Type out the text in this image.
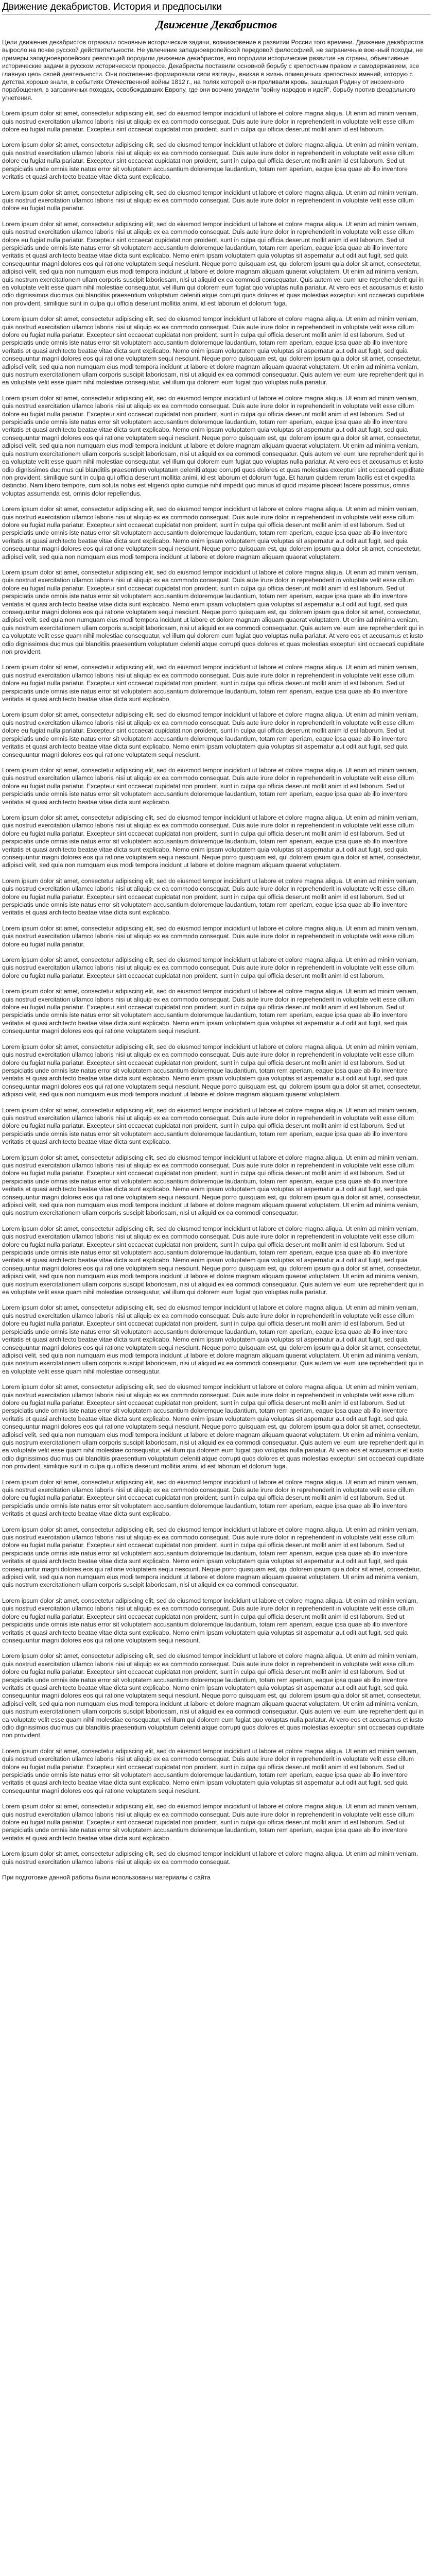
Движение декабристов. История и предпосылки
Движение Декабристов

Цели движения декабристов отражали основные исторические задачи, возникновение в развитии России того времени. Движение декабристов выросло на почве русской действительности. Не увлечение западноевропейской передовой философией, не заграничные военный походы, не примеры западноевропейских революций породили движение декабристов, его породили исторические развития на страны, объективные исторические задачи в русском историческом процессе. Декабристы поставили основной борьбу с крепостным правом и самодержавием, все главную цель своей деятельности. Они постепенно формировали свои взгляды, вникая в жизнь помещичьих крепостных имений, которую с детства хорошо знали, в событиях Отечественной войны 1812 г., на полях которой они проливали кровь, защищая Родину от иноземного порабощения, в заграничных походах, освобождавших Европу, где они воочию увидели "войну народов и идей", борьбу против феодального угнетения.

Lorem ipsum dolor sit amet, consectetur adipiscing elit, sed do eiusmod tempor incididunt ut labore et dolore magna aliqua. Ut enim ad minim veniam, quis nostrud exercitation ullamco laboris nisi ut aliquip ex ea commodo consequat. Duis aute irure dolor in reprehenderit in voluptate velit esse cillum dolore eu fugiat nulla pariatur. Excepteur sint occaecat cupidatat non proident, sunt in culpa qui officia deserunt mollit anim id est laborum.

Lorem ipsum dolor sit amet, consectetur adipiscing elit, sed do eiusmod tempor incididunt ut labore et dolore magna aliqua. Ut enim ad minim veniam, quis nostrud exercitation ullamco laboris nisi ut aliquip ex ea commodo consequat. Duis aute irure dolor in reprehenderit in voluptate velit esse cillum dolore eu fugiat nulla pariatur. Excepteur sint occaecat cupidatat non proident, sunt in culpa qui officia deserunt mollit anim id est laborum. Sed ut perspiciatis unde omnis iste natus error sit voluptatem accusantium doloremque laudantium, totam rem aperiam, eaque ipsa quae ab illo inventore veritatis et quasi architecto beatae vitae dicta sunt explicabo.

Lorem ipsum dolor sit amet, consectetur adipiscing elit, sed do eiusmod tempor incididunt ut labore et dolore magna aliqua. Ut enim ad minim veniam, quis nostrud exercitation ullamco laboris nisi ut aliquip ex ea commodo consequat. Duis aute irure dolor in reprehenderit in voluptate velit esse cillum dolore eu fugiat nulla pariatur.

Lorem ipsum dolor sit amet, consectetur adipiscing elit, sed do eiusmod tempor incididunt ut labore et dolore magna aliqua. Ut enim ad minim veniam, quis nostrud exercitation ullamco laboris nisi ut aliquip ex ea commodo consequat. Duis aute irure dolor in reprehenderit in voluptate velit esse cillum dolore eu fugiat nulla pariatur. Excepteur sint occaecat cupidatat non proident, sunt in culpa qui officia deserunt mollit anim id est laborum. Sed ut perspiciatis unde omnis iste natus error sit voluptatem accusantium doloremque laudantium, totam rem aperiam, eaque ipsa quae ab illo inventore veritatis et quasi architecto beatae vitae dicta sunt explicabo. Nemo enim ipsam voluptatem quia voluptas sit aspernatur aut odit aut fugit, sed quia consequuntur magni dolores eos qui ratione voluptatem sequi nesciunt. Neque porro quisquam est, qui dolorem ipsum quia dolor sit amet, consectetur, adipisci velit, sed quia non numquam eius modi tempora incidunt ut labore et dolore magnam aliquam quaerat voluptatem. Ut enim ad minima veniam, quis nostrum exercitationem ullam corporis suscipit laboriosam, nisi ut aliquid ex ea commodi consequatur. Quis autem vel eum iure reprehenderit qui in ea voluptate velit esse quam nihil molestiae consequatur, vel illum qui dolorem eum fugiat quo voluptas nulla pariatur. At vero eos et accusamus et iusto odio dignissimos ducimus qui blanditiis praesentium voluptatum deleniti atque corrupti quos dolores et quas molestias excepturi sint occaecati cupiditate non provident, similique sunt in culpa qui officia deserunt mollitia animi, id est laborum et dolorum fuga.

Lorem ipsum dolor sit amet, consectetur adipiscing elit, sed do eiusmod tempor incididunt ut labore et dolore magna aliqua. Ut enim ad minim veniam, quis nostrud exercitation ullamco laboris nisi ut aliquip ex ea commodo consequat. Duis aute irure dolor in reprehenderit in voluptate velit esse cillum dolore eu fugiat nulla pariatur. Excepteur sint occaecat cupidatat non proident, sunt in culpa qui officia deserunt mollit anim id est laborum. Sed ut perspiciatis unde omnis iste natus error sit voluptatem accusantium doloremque laudantium, totam rem aperiam, eaque ipsa quae ab illo inventore veritatis et quasi architecto beatae vitae dicta sunt explicabo. Nemo enim ipsam voluptatem quia voluptas sit aspernatur aut odit aut fugit, sed quia consequuntur magni dolores eos qui ratione voluptatem sequi nesciunt. Neque porro quisquam est, qui dolorem ipsum quia dolor sit amet, consectetur, adipisci velit, sed quia non numquam eius modi tempora incidunt ut labore et dolore magnam aliquam quaerat voluptatem. Ut enim ad minima veniam, quis nostrum exercitationem ullam corporis suscipit laboriosam, nisi ut aliquid ex ea commodi consequatur. Quis autem vel eum iure reprehenderit qui in ea voluptate velit esse quam nihil molestiae consequatur, vel illum qui dolorem eum fugiat quo voluptas nulla pariatur.

Lorem ipsum dolor sit amet, consectetur adipiscing elit, sed do eiusmod tempor incididunt ut labore et dolore magna aliqua. Ut enim ad minim veniam, quis nostrud exercitation ullamco laboris nisi ut aliquip ex ea commodo consequat. Duis aute irure dolor in reprehenderit in voluptate velit esse cillum dolore eu fugiat nulla pariatur. Excepteur sint occaecat cupidatat non proident, sunt in culpa qui officia deserunt mollit anim id est laborum. Sed ut perspiciatis unde omnis iste natus error sit voluptatem accusantium doloremque laudantium, totam rem aperiam, eaque ipsa quae ab illo inventore veritatis et quasi architecto beatae vitae dicta sunt explicabo. Nemo enim ipsam voluptatem quia voluptas sit aspernatur aut odit aut fugit, sed quia consequuntur magni dolores eos qui ratione voluptatem sequi nesciunt. Neque porro quisquam est, qui dolorem ipsum quia dolor sit amet, consectetur, adipisci velit, sed quia non numquam eius modi tempora incidunt ut labore et dolore magnam aliquam quaerat voluptatem. Ut enim ad minima veniam, quis nostrum exercitationem ullam corporis suscipit laboriosam, nisi ut aliquid ex ea commodi consequatur. Quis autem vel eum iure reprehenderit qui in ea voluptate velit esse quam nihil molestiae consequatur, vel illum qui dolorem eum fugiat quo voluptas nulla pariatur. At vero eos et accusamus et iusto odio dignissimos ducimus qui blanditiis praesentium voluptatum deleniti atque corrupti quos dolores et quas molestias excepturi sint occaecati cupiditate non provident, similique sunt in culpa qui officia deserunt mollitia animi, id est laborum et dolorum fuga. Et harum quidem rerum facilis est et expedita distinctio. Nam libero tempore, cum soluta nobis est eligendi optio cumque nihil impedit quo minus id quod maxime placeat facere possimus, omnis voluptas assumenda est, omnis dolor repellendus.

Lorem ipsum dolor sit amet, consectetur adipiscing elit, sed do eiusmod tempor incididunt ut labore et dolore magna aliqua. Ut enim ad minim veniam, quis nostrud exercitation ullamco laboris nisi ut aliquip ex ea commodo consequat. Duis aute irure dolor in reprehenderit in voluptate velit esse cillum dolore eu fugiat nulla pariatur. Excepteur sint occaecat cupidatat non proident, sunt in culpa qui officia deserunt mollit anim id est laborum. Sed ut perspiciatis unde omnis iste natus error sit voluptatem accusantium doloremque laudantium, totam rem aperiam, eaque ipsa quae ab illo inventore veritatis et quasi architecto beatae vitae dicta sunt explicabo. Nemo enim ipsam voluptatem quia voluptas sit aspernatur aut odit aut fugit, sed quia consequuntur magni dolores eos qui ratione voluptatem sequi nesciunt. Neque porro quisquam est, qui dolorem ipsum quia dolor sit amet, consectetur, adipisci velit, sed quia non numquam eius modi tempora incidunt ut labore et dolore magnam aliquam quaerat voluptatem.

Lorem ipsum dolor sit amet, consectetur adipiscing elit, sed do eiusmod tempor incididunt ut labore et dolore magna aliqua. Ut enim ad minim veniam, quis nostrud exercitation ullamco laboris nisi ut aliquip ex ea commodo consequat. Duis aute irure dolor in reprehenderit in voluptate velit esse cillum dolore eu fugiat nulla pariatur. Excepteur sint occaecat cupidatat non proident, sunt in culpa qui officia deserunt mollit anim id est laborum. Sed ut perspiciatis unde omnis iste natus error sit voluptatem accusantium doloremque laudantium, totam rem aperiam, eaque ipsa quae ab illo inventore veritatis et quasi architecto beatae vitae dicta sunt explicabo. Nemo enim ipsam voluptatem quia voluptas sit aspernatur aut odit aut fugit, sed quia consequuntur magni dolores eos qui ratione voluptatem sequi nesciunt. Neque porro quisquam est, qui dolorem ipsum quia dolor sit amet, consectetur, adipisci velit, sed quia non numquam eius modi tempora incidunt ut labore et dolore magnam aliquam quaerat voluptatem. Ut enim ad minima veniam, quis nostrum exercitationem ullam corporis suscipit laboriosam, nisi ut aliquid ex ea commodi consequatur. Quis autem vel eum iure reprehenderit qui in ea voluptate velit esse quam nihil molestiae consequatur, vel illum qui dolorem eum fugiat quo voluptas nulla pariatur. At vero eos et accusamus et iusto odio dignissimos ducimus qui blanditiis praesentium voluptatum deleniti atque corrupti quos dolores et quas molestias excepturi sint occaecati cupiditate non provident.

Lorem ipsum dolor sit amet, consectetur adipiscing elit, sed do eiusmod tempor incididunt ut labore et dolore magna aliqua. Ut enim ad minim veniam, quis nostrud exercitation ullamco laboris nisi ut aliquip ex ea commodo consequat. Duis aute irure dolor in reprehenderit in voluptate velit esse cillum dolore eu fugiat nulla pariatur. Excepteur sint occaecat cupidatat non proident, sunt in culpa qui officia deserunt mollit anim id est laborum. Sed ut perspiciatis unde omnis iste natus error sit voluptatem accusantium doloremque laudantium, totam rem aperiam, eaque ipsa quae ab illo inventore veritatis et quasi architecto beatae vitae dicta sunt explicabo.

Lorem ipsum dolor sit amet, consectetur adipiscing elit, sed do eiusmod tempor incididunt ut labore et dolore magna aliqua. Ut enim ad minim veniam, quis nostrud exercitation ullamco laboris nisi ut aliquip ex ea commodo consequat. Duis aute irure dolor in reprehenderit in voluptate velit esse cillum dolore eu fugiat nulla pariatur. Excepteur sint occaecat cupidatat non proident, sunt in culpa qui officia deserunt mollit anim id est laborum. Sed ut perspiciatis unde omnis iste natus error sit voluptatem accusantium doloremque laudantium, totam rem aperiam, eaque ipsa quae ab illo inventore veritatis et quasi architecto beatae vitae dicta sunt explicabo. Nemo enim ipsam voluptatem quia voluptas sit aspernatur aut odit aut fugit, sed quia consequuntur magni dolores eos qui ratione voluptatem sequi nesciunt.

Lorem ipsum dolor sit amet, consectetur adipiscing elit, sed do eiusmod tempor incididunt ut labore et dolore magna aliqua. Ut enim ad minim veniam, quis nostrud exercitation ullamco laboris nisi ut aliquip ex ea commodo consequat. Duis aute irure dolor in reprehenderit in voluptate velit esse cillum dolore eu fugiat nulla pariatur. Excepteur sint occaecat cupidatat non proident, sunt in culpa qui officia deserunt mollit anim id est laborum. Sed ut perspiciatis unde omnis iste natus error sit voluptatem accusantium doloremque laudantium, totam rem aperiam, eaque ipsa quae ab illo inventore veritatis et quasi architecto beatae vitae dicta sunt explicabo.

Lorem ipsum dolor sit amet, consectetur adipiscing elit, sed do eiusmod tempor incididunt ut labore et dolore magna aliqua. Ut enim ad minim veniam, quis nostrud exercitation ullamco laboris nisi ut aliquip ex ea commodo consequat. Duis aute irure dolor in reprehenderit in voluptate velit esse cillum dolore eu fugiat nulla pariatur. Excepteur sint occaecat cupidatat non proident, sunt in culpa qui officia deserunt mollit anim id est laborum. Sed ut perspiciatis unde omnis iste natus error sit voluptatem accusantium doloremque laudantium, totam rem aperiam, eaque ipsa quae ab illo inventore veritatis et quasi architecto beatae vitae dicta sunt explicabo. Nemo enim ipsam voluptatem quia voluptas sit aspernatur aut odit aut fugit, sed quia consequuntur magni dolores eos qui ratione voluptatem sequi nesciunt. Neque porro quisquam est, qui dolorem ipsum quia dolor sit amet, consectetur, adipisci velit, sed quia non numquam eius modi tempora incidunt ut labore et dolore magnam aliquam quaerat voluptatem.

Lorem ipsum dolor sit amet, consectetur adipiscing elit, sed do eiusmod tempor incididunt ut labore et dolore magna aliqua. Ut enim ad minim veniam, quis nostrud exercitation ullamco laboris nisi ut aliquip ex ea commodo consequat. Duis aute irure dolor in reprehenderit in voluptate velit esse cillum dolore eu fugiat nulla pariatur. Excepteur sint occaecat cupidatat non proident, sunt in culpa qui officia deserunt mollit anim id est laborum. Sed ut perspiciatis unde omnis iste natus error sit voluptatem accusantium doloremque laudantium, totam rem aperiam, eaque ipsa quae ab illo inventore veritatis et quasi architecto beatae vitae dicta sunt explicabo.

Lorem ipsum dolor sit amet, consectetur adipiscing elit, sed do eiusmod tempor incididunt ut labore et dolore magna aliqua. Ut enim ad minim veniam, quis nostrud exercitation ullamco laboris nisi ut aliquip ex ea commodo consequat. Duis aute irure dolor in reprehenderit in voluptate velit esse cillum dolore eu fugiat nulla pariatur.

Lorem ipsum dolor sit amet, consectetur adipiscing elit, sed do eiusmod tempor incididunt ut labore et dolore magna aliqua. Ut enim ad minim veniam, quis nostrud exercitation ullamco laboris nisi ut aliquip ex ea commodo consequat. Duis aute irure dolor in reprehenderit in voluptate velit esse cillum dolore eu fugiat nulla pariatur. Excepteur sint occaecat cupidatat non proident, sunt in culpa qui officia deserunt mollit anim id est laborum.

Lorem ipsum dolor sit amet, consectetur adipiscing elit, sed do eiusmod tempor incididunt ut labore et dolore magna aliqua. Ut enim ad minim veniam, quis nostrud exercitation ullamco laboris nisi ut aliquip ex ea commodo consequat. Duis aute irure dolor in reprehenderit in voluptate velit esse cillum dolore eu fugiat nulla pariatur. Excepteur sint occaecat cupidatat non proident, sunt in culpa qui officia deserunt mollit anim id est laborum. Sed ut perspiciatis unde omnis iste natus error sit voluptatem accusantium doloremque laudantium, totam rem aperiam, eaque ipsa quae ab illo inventore veritatis et quasi architecto beatae vitae dicta sunt explicabo. Nemo enim ipsam voluptatem quia voluptas sit aspernatur aut odit aut fugit, sed quia consequuntur magni dolores eos qui ratione voluptatem sequi nesciunt.

Lorem ipsum dolor sit amet, consectetur adipiscing elit, sed do eiusmod tempor incididunt ut labore et dolore magna aliqua. Ut enim ad minim veniam, quis nostrud exercitation ullamco laboris nisi ut aliquip ex ea commodo consequat. Duis aute irure dolor in reprehenderit in voluptate velit esse cillum dolore eu fugiat nulla pariatur. Excepteur sint occaecat cupidatat non proident, sunt in culpa qui officia deserunt mollit anim id est laborum. Sed ut perspiciatis unde omnis iste natus error sit voluptatem accusantium doloremque laudantium, totam rem aperiam, eaque ipsa quae ab illo inventore veritatis et quasi architecto beatae vitae dicta sunt explicabo. Nemo enim ipsam voluptatem quia voluptas sit aspernatur aut odit aut fugit, sed quia consequuntur magni dolores eos qui ratione voluptatem sequi nesciunt. Neque porro quisquam est, qui dolorem ipsum quia dolor sit amet, consectetur, adipisci velit, sed quia non numquam eius modi tempora incidunt ut labore et dolore magnam aliquam quaerat voluptatem.

Lorem ipsum dolor sit amet, consectetur adipiscing elit, sed do eiusmod tempor incididunt ut labore et dolore magna aliqua. Ut enim ad minim veniam, quis nostrud exercitation ullamco laboris nisi ut aliquip ex ea commodo consequat. Duis aute irure dolor in reprehenderit in voluptate velit esse cillum dolore eu fugiat nulla pariatur. Excepteur sint occaecat cupidatat non proident, sunt in culpa qui officia deserunt mollit anim id est laborum. Sed ut perspiciatis unde omnis iste natus error sit voluptatem accusantium doloremque laudantium, totam rem aperiam, eaque ipsa quae ab illo inventore veritatis et quasi architecto beatae vitae dicta sunt explicabo.

Lorem ipsum dolor sit amet, consectetur adipiscing elit, sed do eiusmod tempor incididunt ut labore et dolore magna aliqua. Ut enim ad minim veniam, quis nostrud exercitation ullamco laboris nisi ut aliquip ex ea commodo consequat. Duis aute irure dolor in reprehenderit in voluptate velit esse cillum dolore eu fugiat nulla pariatur. Excepteur sint occaecat cupidatat non proident, sunt in culpa qui officia deserunt mollit anim id est laborum. Sed ut perspiciatis unde omnis iste natus error sit voluptatem accusantium doloremque laudantium, totam rem aperiam, eaque ipsa quae ab illo inventore veritatis et quasi architecto beatae vitae dicta sunt explicabo. Nemo enim ipsam voluptatem quia voluptas sit aspernatur aut odit aut fugit, sed quia consequuntur magni dolores eos qui ratione voluptatem sequi nesciunt. Neque porro quisquam est, qui dolorem ipsum quia dolor sit amet, consectetur, adipisci velit, sed quia non numquam eius modi tempora incidunt ut labore et dolore magnam aliquam quaerat voluptatem. Ut enim ad minima veniam, quis nostrum exercitationem ullam corporis suscipit laboriosam, nisi ut aliquid ex ea commodi consequatur.

Lorem ipsum dolor sit amet, consectetur adipiscing elit, sed do eiusmod tempor incididunt ut labore et dolore magna aliqua. Ut enim ad minim veniam, quis nostrud exercitation ullamco laboris nisi ut aliquip ex ea commodo consequat. Duis aute irure dolor in reprehenderit in voluptate velit esse cillum dolore eu fugiat nulla pariatur. Excepteur sint occaecat cupidatat non proident, sunt in culpa qui officia deserunt mollit anim id est laborum. Sed ut perspiciatis unde omnis iste natus error sit voluptatem accusantium doloremque laudantium, totam rem aperiam, eaque ipsa quae ab illo inventore veritatis et quasi architecto beatae vitae dicta sunt explicabo. Nemo enim ipsam voluptatem quia voluptas sit aspernatur aut odit aut fugit, sed quia consequuntur magni dolores eos qui ratione voluptatem sequi nesciunt. Neque porro quisquam est, qui dolorem ipsum quia dolor sit amet, consectetur, adipisci velit, sed quia non numquam eius modi tempora incidunt ut labore et dolore magnam aliquam quaerat voluptatem. Ut enim ad minima veniam, quis nostrum exercitationem ullam corporis suscipit laboriosam, nisi ut aliquid ex ea commodi consequatur. Quis autem vel eum iure reprehenderit qui in ea voluptate velit esse quam nihil molestiae consequatur, vel illum qui dolorem eum fugiat quo voluptas nulla pariatur.

Lorem ipsum dolor sit amet, consectetur adipiscing elit, sed do eiusmod tempor incididunt ut labore et dolore magna aliqua. Ut enim ad minim veniam, quis nostrud exercitation ullamco laboris nisi ut aliquip ex ea commodo consequat. Duis aute irure dolor in reprehenderit in voluptate velit esse cillum dolore eu fugiat nulla pariatur. Excepteur sint occaecat cupidatat non proident, sunt in culpa qui officia deserunt mollit anim id est laborum. Sed ut perspiciatis unde omnis iste natus error sit voluptatem accusantium doloremque laudantium, totam rem aperiam, eaque ipsa quae ab illo inventore veritatis et quasi architecto beatae vitae dicta sunt explicabo. Nemo enim ipsam voluptatem quia voluptas sit aspernatur aut odit aut fugit, sed quia consequuntur magni dolores eos qui ratione voluptatem sequi nesciunt. Neque porro quisquam est, qui dolorem ipsum quia dolor sit amet, consectetur, adipisci velit, sed quia non numquam eius modi tempora incidunt ut labore et dolore magnam aliquam quaerat voluptatem. Ut enim ad minima veniam, quis nostrum exercitationem ullam corporis suscipit laboriosam, nisi ut aliquid ex ea commodi consequatur. Quis autem vel eum iure reprehenderit qui in ea voluptate velit esse quam nihil molestiae consequatur.

Lorem ipsum dolor sit amet, consectetur adipiscing elit, sed do eiusmod tempor incididunt ut labore et dolore magna aliqua. Ut enim ad minim veniam, quis nostrud exercitation ullamco laboris nisi ut aliquip ex ea commodo consequat. Duis aute irure dolor in reprehenderit in voluptate velit esse cillum dolore eu fugiat nulla pariatur. Excepteur sint occaecat cupidatat non proident, sunt in culpa qui officia deserunt mollit anim id est laborum. Sed ut perspiciatis unde omnis iste natus error sit voluptatem accusantium doloremque laudantium, totam rem aperiam, eaque ipsa quae ab illo inventore veritatis et quasi architecto beatae vitae dicta sunt explicabo. Nemo enim ipsam voluptatem quia voluptas sit aspernatur aut odit aut fugit, sed quia consequuntur magni dolores eos qui ratione voluptatem sequi nesciunt. Neque porro quisquam est, qui dolorem ipsum quia dolor sit amet, consectetur, adipisci velit, sed quia non numquam eius modi tempora incidunt ut labore et dolore magnam aliquam quaerat voluptatem. Ut enim ad minima veniam, quis nostrum exercitationem ullam corporis suscipit laboriosam, nisi ut aliquid ex ea commodi consequatur. Quis autem vel eum iure reprehenderit qui in ea voluptate velit esse quam nihil molestiae consequatur, vel illum qui dolorem eum fugiat quo voluptas nulla pariatur. At vero eos et accusamus et iusto odio dignissimos ducimus qui blanditiis praesentium voluptatum deleniti atque corrupti quos dolores et quas molestias excepturi sint occaecati cupiditate non provident, similique sunt in culpa qui officia deserunt mollitia animi, id est laborum et dolorum fuga.

Lorem ipsum dolor sit amet, consectetur adipiscing elit, sed do eiusmod tempor incididunt ut labore et dolore magna aliqua. Ut enim ad minim veniam, quis nostrud exercitation ullamco laboris nisi ut aliquip ex ea commodo consequat. Duis aute irure dolor in reprehenderit in voluptate velit esse cillum dolore eu fugiat nulla pariatur. Excepteur sint occaecat cupidatat non proident, sunt in culpa qui officia deserunt mollit anim id est laborum. Sed ut perspiciatis unde omnis iste natus error sit voluptatem accusantium doloremque laudantium, totam rem aperiam, eaque ipsa quae ab illo inventore veritatis et quasi architecto beatae vitae dicta sunt explicabo.

Lorem ipsum dolor sit amet, consectetur adipiscing elit, sed do eiusmod tempor incididunt ut labore et dolore magna aliqua. Ut enim ad minim veniam, quis nostrud exercitation ullamco laboris nisi ut aliquip ex ea commodo consequat. Duis aute irure dolor in reprehenderit in voluptate velit esse cillum dolore eu fugiat nulla pariatur. Excepteur sint occaecat cupidatat non proident, sunt in culpa qui officia deserunt mollit anim id est laborum. Sed ut perspiciatis unde omnis iste natus error sit voluptatem accusantium doloremque laudantium, totam rem aperiam, eaque ipsa quae ab illo inventore veritatis et quasi architecto beatae vitae dicta sunt explicabo. Nemo enim ipsam voluptatem quia voluptas sit aspernatur aut odit aut fugit, sed quia consequuntur magni dolores eos qui ratione voluptatem sequi nesciunt. Neque porro quisquam est, qui dolorem ipsum quia dolor sit amet, consectetur, adipisci velit, sed quia non numquam eius modi tempora incidunt ut labore et dolore magnam aliquam quaerat voluptatem. Ut enim ad minima veniam, quis nostrum exercitationem ullam corporis suscipit laboriosam, nisi ut aliquid ex ea commodi consequatur.

Lorem ipsum dolor sit amet, consectetur adipiscing elit, sed do eiusmod tempor incididunt ut labore et dolore magna aliqua. Ut enim ad minim veniam, quis nostrud exercitation ullamco laboris nisi ut aliquip ex ea commodo consequat. Duis aute irure dolor in reprehenderit in voluptate velit esse cillum dolore eu fugiat nulla pariatur. Excepteur sint occaecat cupidatat non proident, sunt in culpa qui officia deserunt mollit anim id est laborum. Sed ut perspiciatis unde omnis iste natus error sit voluptatem accusantium doloremque laudantium, totam rem aperiam, eaque ipsa quae ab illo inventore veritatis et quasi architecto beatae vitae dicta sunt explicabo. Nemo enim ipsam voluptatem quia voluptas sit aspernatur aut odit aut fugit, sed quia consequuntur magni dolores eos qui ratione voluptatem sequi nesciunt.

Lorem ipsum dolor sit amet, consectetur adipiscing elit, sed do eiusmod tempor incididunt ut labore et dolore magna aliqua. Ut enim ad minim veniam, quis nostrud exercitation ullamco laboris nisi ut aliquip ex ea commodo consequat. Duis aute irure dolor in reprehenderit in voluptate velit esse cillum dolore eu fugiat nulla pariatur. Excepteur sint occaecat cupidatat non proident, sunt in culpa qui officia deserunt mollit anim id est laborum. Sed ut perspiciatis unde omnis iste natus error sit voluptatem accusantium doloremque laudantium, totam rem aperiam, eaque ipsa quae ab illo inventore veritatis et quasi architecto beatae vitae dicta sunt explicabo. Nemo enim ipsam voluptatem quia voluptas sit aspernatur aut odit aut fugit, sed quia consequuntur magni dolores eos qui ratione voluptatem sequi nesciunt. Neque porro quisquam est, qui dolorem ipsum quia dolor sit amet, consectetur, adipisci velit, sed quia non numquam eius modi tempora incidunt ut labore et dolore magnam aliquam quaerat voluptatem. Ut enim ad minima veniam, quis nostrum exercitationem ullam corporis suscipit laboriosam, nisi ut aliquid ex ea commodi consequatur. Quis autem vel eum iure reprehenderit qui in ea voluptate velit esse quam nihil molestiae consequatur, vel illum qui dolorem eum fugiat quo voluptas nulla pariatur. At vero eos et accusamus et iusto odio dignissimos ducimus qui blanditiis praesentium voluptatum deleniti atque corrupti quos dolores et quas molestias excepturi sint occaecati cupiditate non provident.

Lorem ipsum dolor sit amet, consectetur adipiscing elit, sed do eiusmod tempor incididunt ut labore et dolore magna aliqua. Ut enim ad minim veniam, quis nostrud exercitation ullamco laboris nisi ut aliquip ex ea commodo consequat. Duis aute irure dolor in reprehenderit in voluptate velit esse cillum dolore eu fugiat nulla pariatur. Excepteur sint occaecat cupidatat non proident, sunt in culpa qui officia deserunt mollit anim id est laborum. Sed ut perspiciatis unde omnis iste natus error sit voluptatem accusantium doloremque laudantium, totam rem aperiam, eaque ipsa quae ab illo inventore veritatis et quasi architecto beatae vitae dicta sunt explicabo. Nemo enim ipsam voluptatem quia voluptas sit aspernatur aut odit aut fugit, sed quia consequuntur magni dolores eos qui ratione voluptatem sequi nesciunt.

Lorem ipsum dolor sit amet, consectetur adipiscing elit, sed do eiusmod tempor incididunt ut labore et dolore magna aliqua. Ut enim ad minim veniam, quis nostrud exercitation ullamco laboris nisi ut aliquip ex ea commodo consequat. Duis aute irure dolor in reprehenderit in voluptate velit esse cillum dolore eu fugiat nulla pariatur. Excepteur sint occaecat cupidatat non proident, sunt in culpa qui officia deserunt mollit anim id est laborum. Sed ut perspiciatis unde omnis iste natus error sit voluptatem accusantium doloremque laudantium, totam rem aperiam, eaque ipsa quae ab illo inventore veritatis et quasi architecto beatae vitae dicta sunt explicabo.

Lorem ipsum dolor sit amet, consectetur adipiscing elit, sed do eiusmod tempor incididunt ut labore et dolore magna aliqua. Ut enim ad minim veniam, quis nostrud exercitation ullamco laboris nisi ut aliquip ex ea commodo consequat.

При подготовке данной работы были использованы материалы с сайта
